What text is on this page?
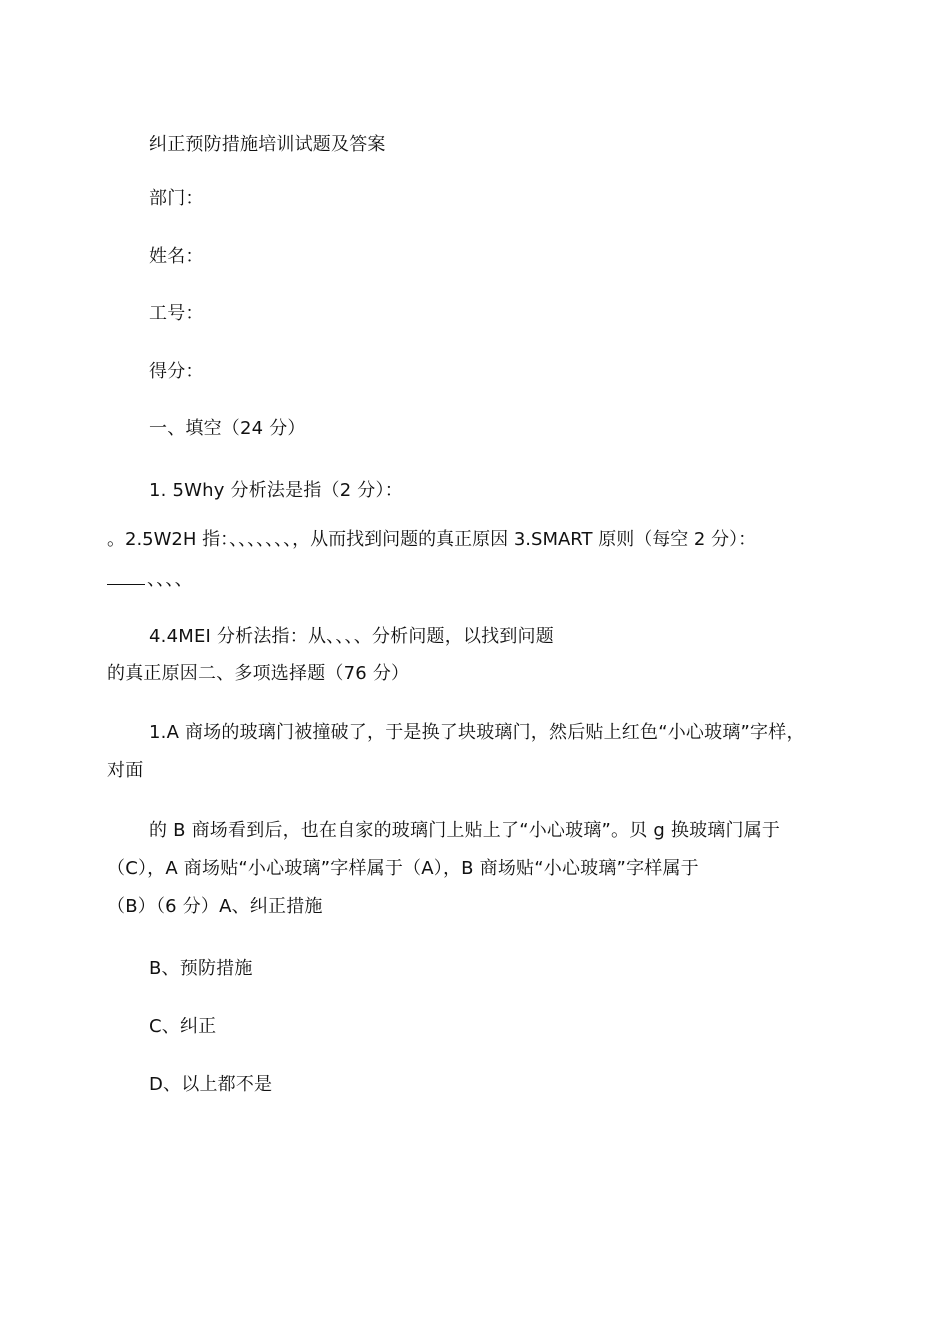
纠正预防措施培训试题及答案
部门：
姓名：
工号：
得分：
一、填空（24 分）
1. 5Why 分析法是指（2 分）：
。2.5W2H 指：、、、、、、、，从而找到问题的真正原因 3.SMART 原则（每空 2 分）：
、、、、
4.4MEI 分析法指：从、、、、分析问题，以找到问题
的真正原因二、多项选择题（76 分）
1.A 商场的玻璃门被撞破了，于是换了块玻璃门，然后贴上红色“小心玻璃”字样，
对面
的 B 商场看到后，也在自家的玻璃门上贴上了“小心玻璃”。贝 g 换玻璃门属于
（C），A 商场贴“小心玻璃”字样属于（A），B 商场贴“小心玻璃”字样属于
（B）（6 分）A、纠正措施
B、预防措施
C、纠正
D、以上都不是
